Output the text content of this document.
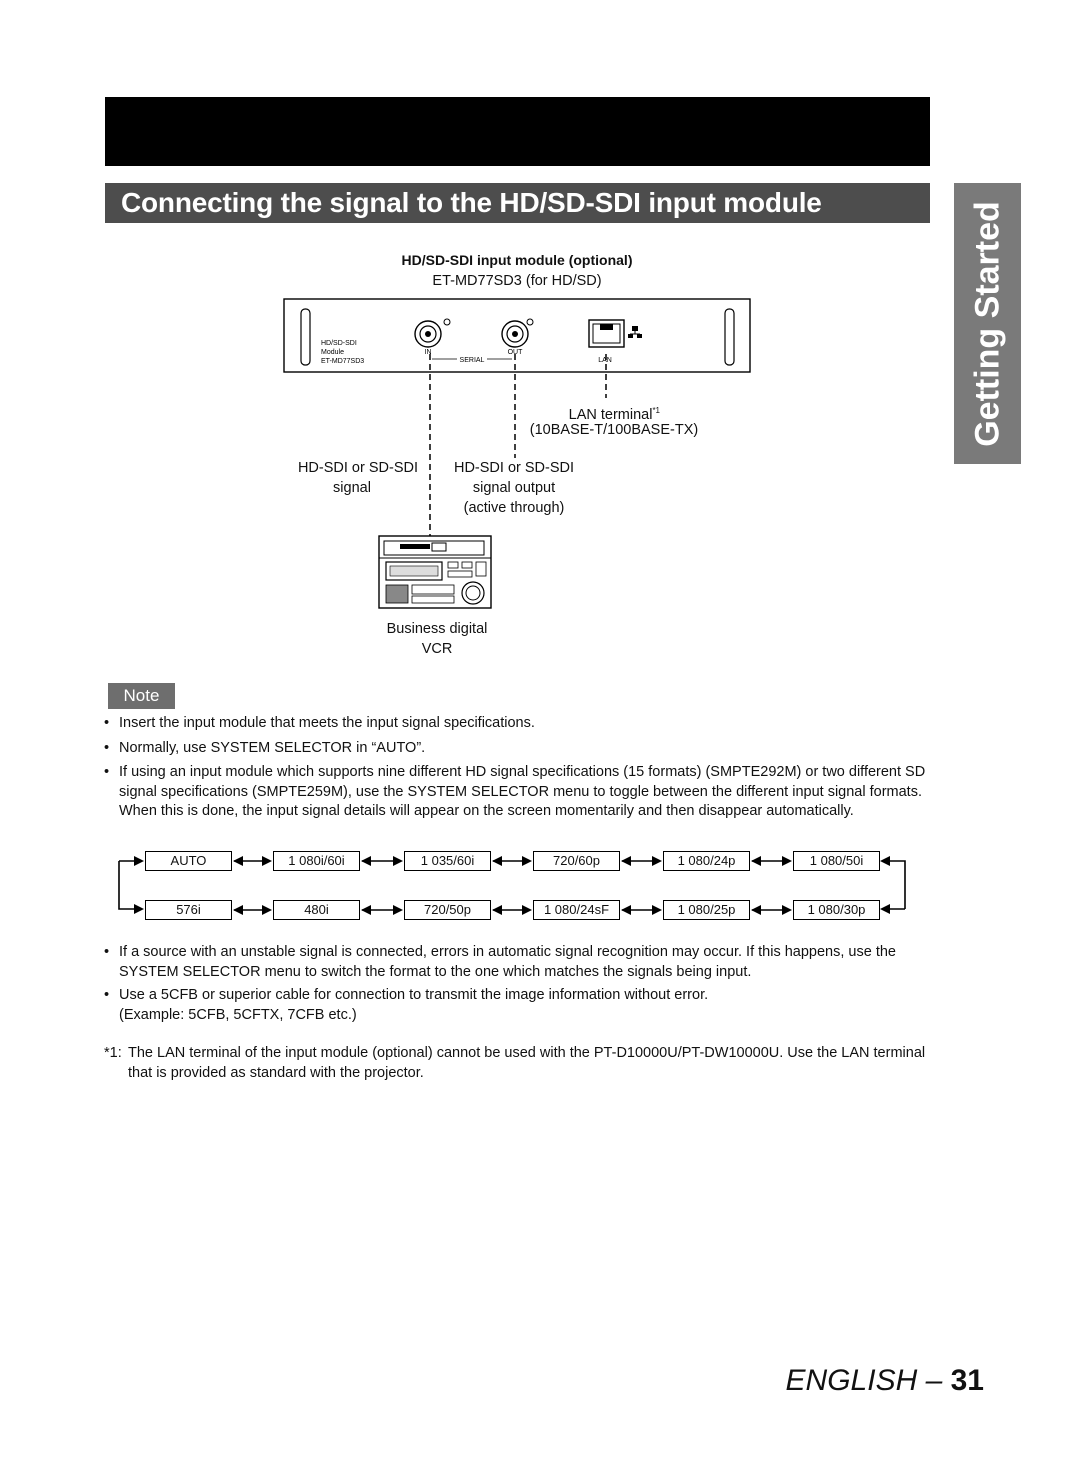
Connecting the signal to the HD/SD-SDI input module	Getting Started
HD/SD-SDI input module (optional)
ET-MD77SD3 (for HD/SD)
HD/SD-SDI
Module
ET-MD77SD3
IN	OUT
SERIAL	LAN
LAN terminal$^{*1}$
(10BASE-T/100BASE-TX)
HD-SDI or SD-SDI
signal
HD-SDI or SD-SDI
signal output
(active through)
Business digital
VCR
Note
• Insert the input module that meets the input signal specifications.
• Normally, use SYSTEM SELECTOR in “AUTO”.
• If using an input module which supports nine different HD signal specifications (15 formats) (SMPTE292M) or two different SD signal specifications (SMPTE259M), use the SYSTEM SELECTOR menu to toggle between the different input signal formats. When this is done, the input signal details will appear on the screen momentarily and then disappear automatically.
AUTO	1 080i/60i	1 035/60i	720/60p	1 080/24p	1 080/50i
576i	480i	720/50p	1 080/24sF	1 080/25p	1 080/30p
• If a source with an unstable signal is connected, errors in automatic signal recognition may occur. If this happens, use the SYSTEM SELECTOR menu to switch the format to the one which matches the signals being input.
• Use a 5CFB or superior cable for connection to transmit the image information without error.
(Example: 5CFB, 5CFTX, 7CFB etc.)
*1: The LAN terminal of the input module (optional) cannot be used with the PT-D10000U/PT-DW10000U. Use the LAN terminal that is provided as standard with the projector.
ENGLISH – 31
